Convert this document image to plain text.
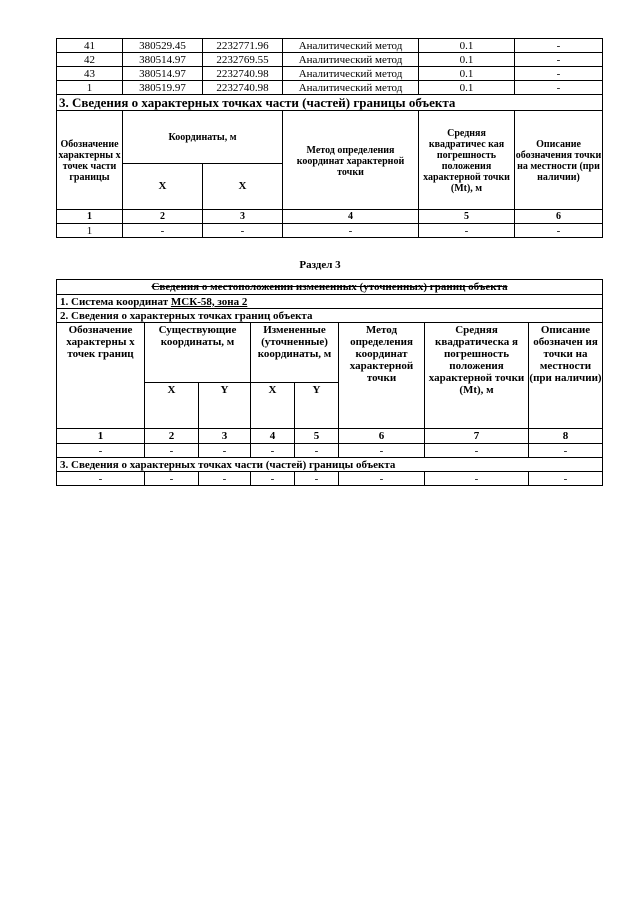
41	380529.45	2232771.96	Аналитический метод	0.1	-
42	380514.97	2232769.55	Аналитический метод	0.1	-
43	380514.97	2232740.98	Аналитический метод	0.1	-
1	380519.97	2232740.98	Аналитический метод	0.1	-
3. Сведения о характерных точках части (частей) границы объекта					
Обозначение характерны х точек части границы	Координаты, м		Метод определения координат характерной точки	Средняя квадратичес кая погрешность положения характерной точки (Mt), м	Описание обозначения точки на местности (при наличии)
	X	X			
1	2	3	4	5	6
1	-	-	-	-	-
Раздел 3
Сведения о местоположении измененных (уточненных) границ объекта							
1. Система координат МСК-58, зона 2							
2. Сведения о характерных точках границ объекта							
Обозначение характерны х точек границ	Существующие координаты, м		Измененные (уточненные) координаты, м		Метод определения координат характерной точки	Средняя квадратическа я погрешность положения характерной точки (Mt), м	Описание обозначен ия точки на местности (при наличии)
	X	Y	X	Y			
1	2	3	4	5	6	7	8
-	-	-	-	-	-	-	-
3. Сведения о характерных точках части (частей) границы объекта							
-	-	-	-	-	-	-	-
